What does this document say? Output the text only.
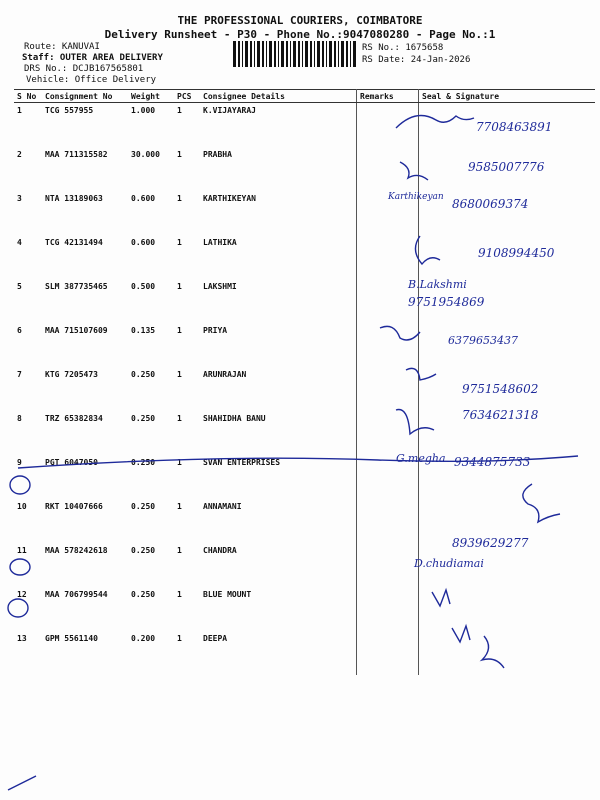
THE PROFESSIONAL COURIERS, COIMBATORE
Delivery Runsheet - P30 - Phone No.:9047080280 - Page No.:1
Route: KANUVAI
Staff: OUTER AREA DELIVERY
DRS No.: DCJB167565801
Vehicle: Office Delivery
RS No.: 1675658
RS Date: 24-Jan-2026
S No	Consignment No	Weight	PCS	Consignee Details	Remarks	Seal & Signature
1	TCG 557955	1.000	1	K.VIJAYARAJ		
2	MAA 711315582	30.000	1	PRABHA		
3	NTA 13189063	0.600	1	KARTHIKEYAN		
4	TCG 42131494	0.600	1	LATHIKA		
5	SLM 387735465	0.500	1	LAKSHMI		
6	MAA 715107609	0.135	1	PRIYA		
7	KTG 7205473	0.250	1	ARUNRAJAN		
8	TRZ 65382834	0.250	1	SHAHIDHA BANU		
9	PGT 6047050	0.250	1	SVAN ENTERPRISES		
10	RKT 10407666	0.250	1	ANNAMANI		
11	MAA 578242618	0.250	1	CHANDRA		
12	MAA 706799544	0.250	1	BLUE MOUNT		
13	GPM 5561140	0.200	1	DEEPA		
7708463891
9585007776
Karthikeyan 8680069374
9108994450
B.Lakshmi
9751954869
6379653437
9751548602
7634621318
G.megha 9344875733
8939629277
D.chudiamai
